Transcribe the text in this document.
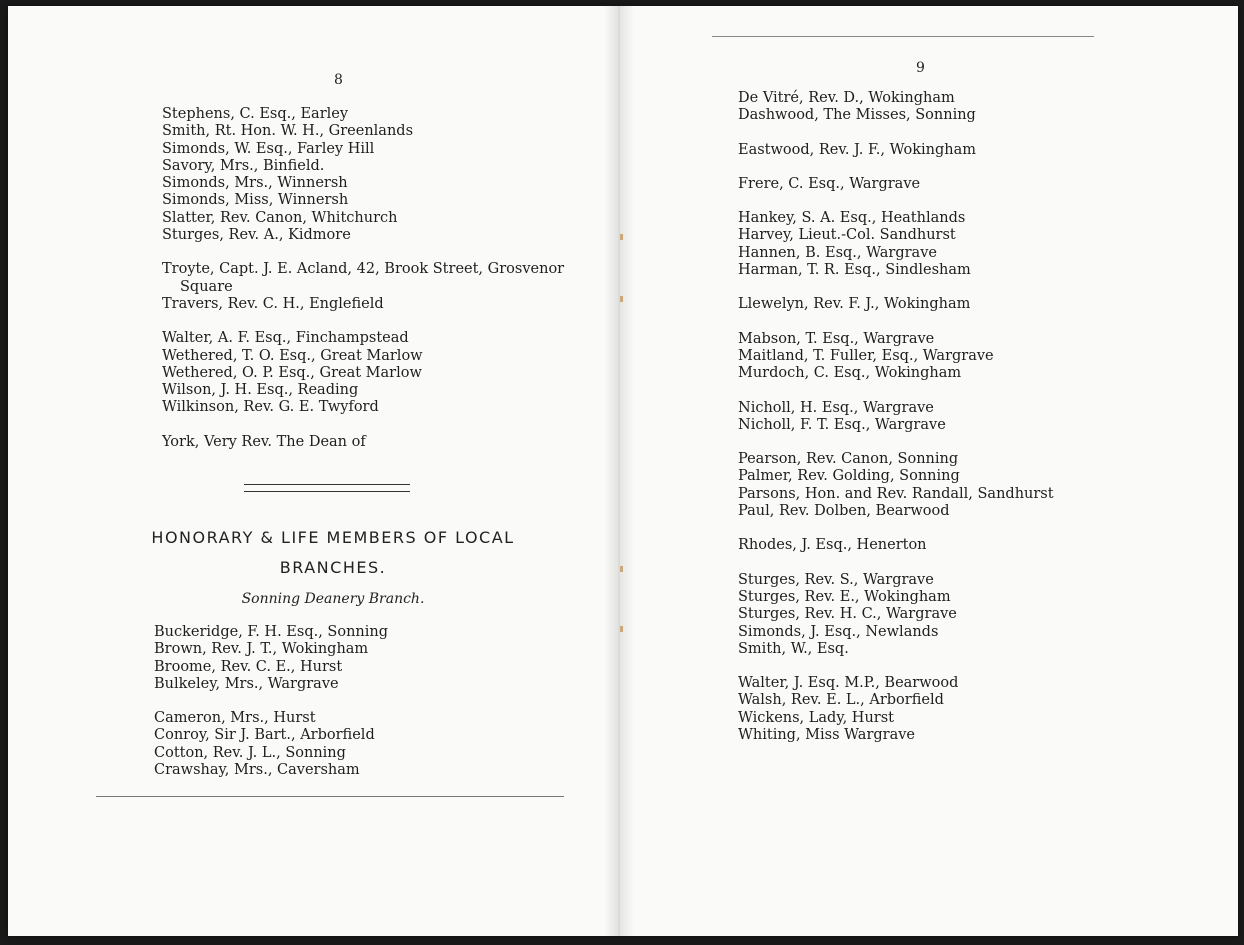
8
Stephens, C. Esq., Earley
Smith, Rt. Hon. W. H., Greenlands
Simonds, W. Esq., Farley Hill
Savory, Mrs., Binfield.
Simonds, Mrs., Winnersh
Simonds, Miss, Winnersh
Slatter, Rev. Canon, Whitchurch
Sturges, Rev. A., Kidmore
Troyte, Capt. J. E. Acland, 42, Brook Street, Grosvenor
Square
Travers, Rev. C. H., Englefield
Walter, A. F. Esq., Finchampstead
Wethered, T. O. Esq., Great Marlow
Wethered, O. P. Esq., Great Marlow
Wilson, J. H. Esq., Reading
Wilkinson, Rev. G. E. Twyford
York, Very Rev. The Dean of
HONORARY & LIFE MEMBERS OF LOCAL
BRANCHES.
Sonning Deanery Branch.
Buckeridge, F. H. Esq., Sonning
Brown, Rev. J. T., Wokingham
Broome, Rev. C. E., Hurst
Bulkeley, Mrs., Wargrave
Cameron, Mrs., Hurst
Conroy, Sir J. Bart., Arborfield
Cotton, Rev. J. L., Sonning
Crawshay, Mrs., Caversham
9
De Vitré, Rev. D., Wokingham
Dashwood, The Misses, Sonning
Eastwood, Rev. J. F., Wokingham
Frere, C. Esq., Wargrave
Hankey, S. A. Esq., Heathlands
Harvey, Lieut.-Col. Sandhurst
Hannen, B. Esq., Wargrave
Harman, T. R. Esq., Sindlesham
Llewelyn, Rev. F. J., Wokingham
Mabson, T. Esq., Wargrave
Maitland, T. Fuller, Esq., Wargrave
Murdoch, C. Esq., Wokingham
Nicholl, H. Esq., Wargrave
Nicholl, F. T. Esq., Wargrave
Pearson, Rev. Canon, Sonning
Palmer, Rev. Golding, Sonning
Parsons, Hon. and Rev. Randall, Sandhurst
Paul, Rev. Dolben, Bearwood
Rhodes, J. Esq., Henerton
Sturges, Rev. S., Wargrave
Sturges, Rev. E., Wokingham
Sturges, Rev. H. C., Wargrave
Simonds, J. Esq., Newlands
Smith, W., Esq.
Walter, J. Esq. M.P., Bearwood
Walsh, Rev. E. L., Arborfield
Wickens, Lady, Hurst
Whiting, Miss Wargrave
